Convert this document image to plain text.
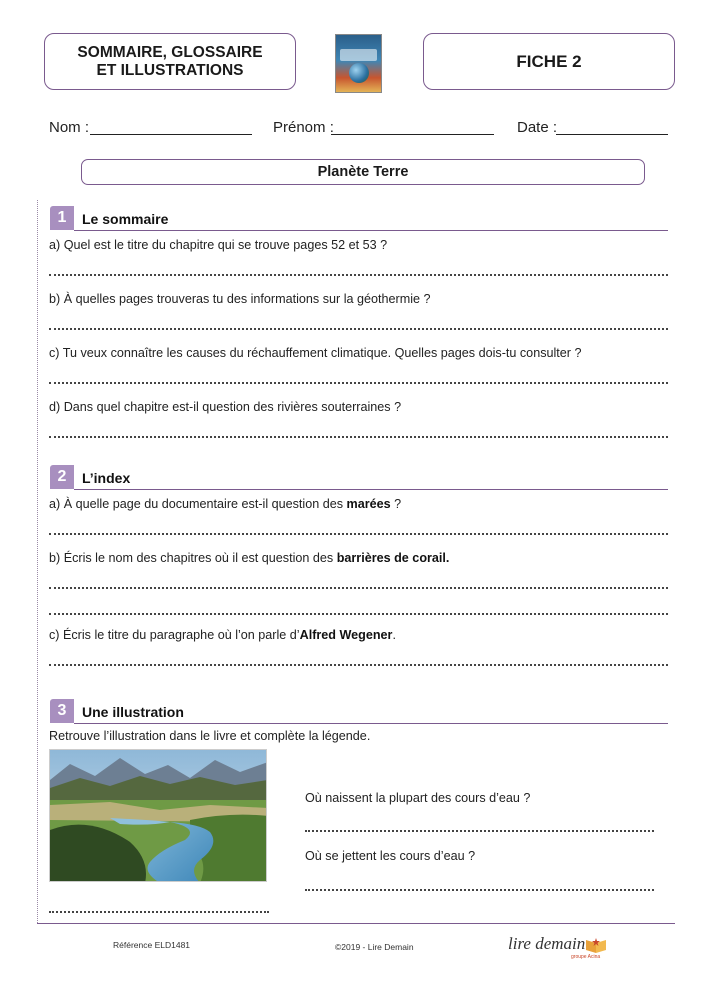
SOMMAIRE, GLOSSAIRE
ET ILLUSTRATIONS	FICHE 2
Nom :	Prénom :	Date :
Planète Terre
1 Le sommaire
a) Quel est le titre du chapitre qui se trouve pages 52 et 53 ?
b) À quelles pages trouveras tu des informations sur la géothermie ?
c) Tu veux connaître les causes du réchauffement climatique. Quelles pages dois-tu consulter ?
d) Dans quel chapitre est-il question des rivières souterraines ?
2 L’index
a) À quelle page du documentaire est-il question des marées ?
b) Écris le nom des chapitres où il est question des barrières de corail.
c) Écris le titre du paragraphe où l’on parle d’Alfred Wegener.
3 Une illustration
Retrouve l’illustration dans le livre et complète la légende.
Où naissent la plupart des cours d’eau ?
Où se jettent les cours d’eau ?
Référence ELD1481	©2019 - Lire Demain	lire demain
groupe Acina
